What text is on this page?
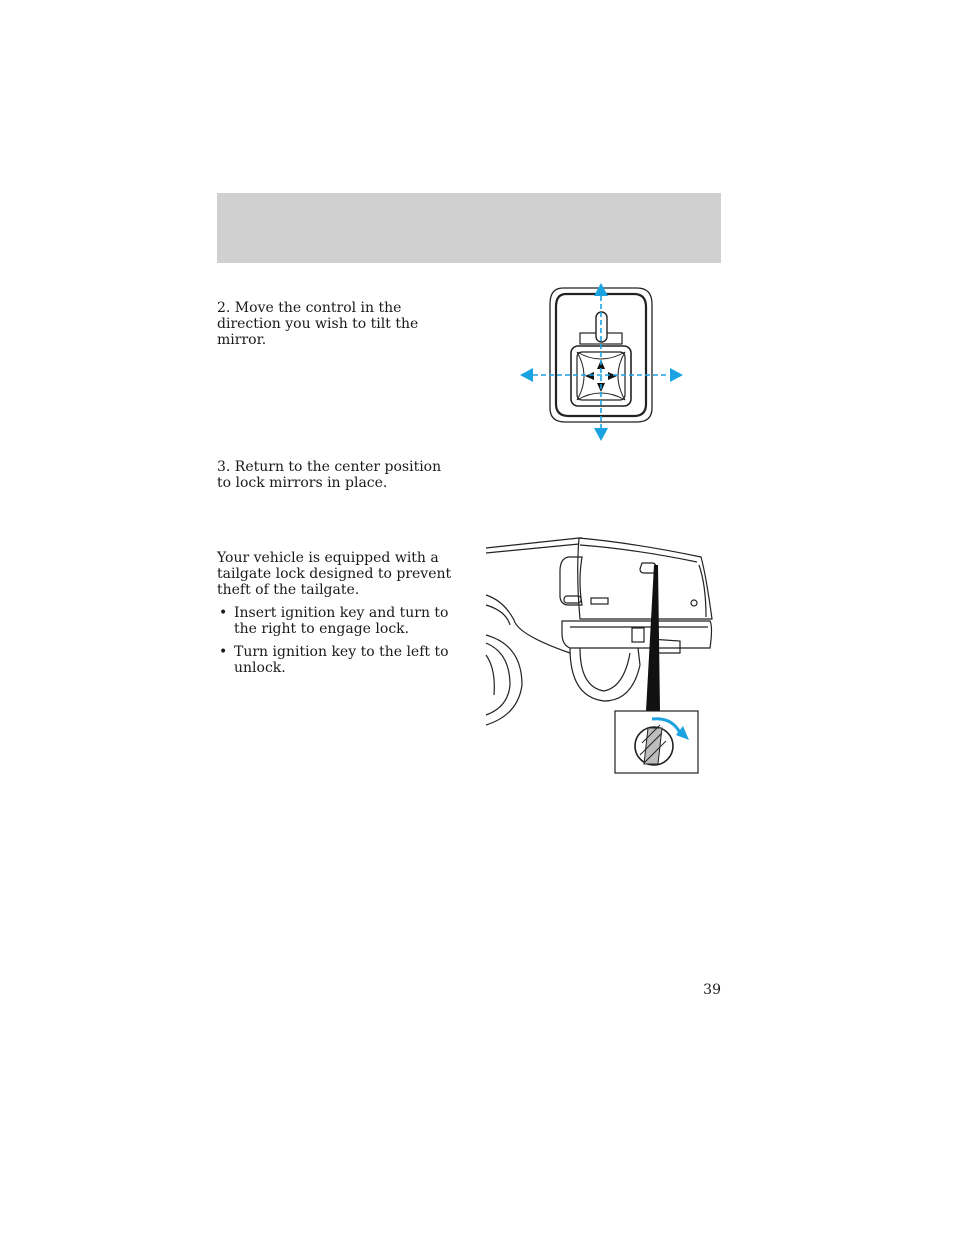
2. Move the control in the direction you wish to tilt the mirror.

3. Return to the center position to lock mirrors in place.

Your vehicle is equipped with a tailgate lock designed to prevent theft of the tailgate.

• Insert ignition key and turn to the right to engage lock.
• Turn ignition key to the left to unlock.
39
